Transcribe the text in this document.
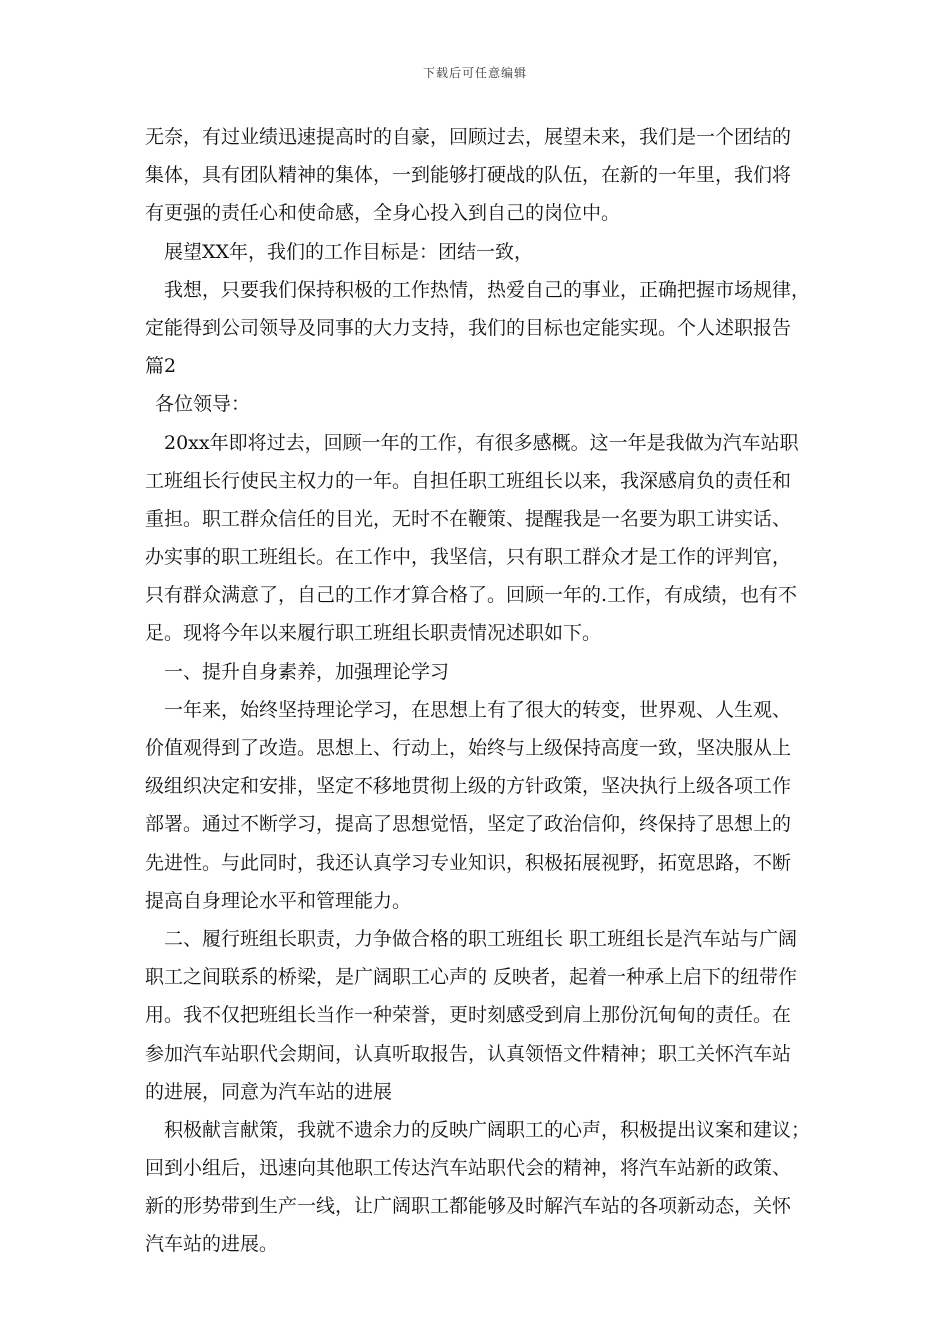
下载后可任意编辑
无奈，有过业绩迅速提高时的自豪，回顾过去，展望未来，我们是一个团结的
集体，具有团队精神的集体，一到能够打硬战的队伍，在新的一年里，我们将
有更强的责任心和使命感，全身心投入到自己的岗位中。
展望XX年，我们的工作目标是：团结一致，
我想，只要我们保持积极的工作热情，热爱自己的事业，正确把握市场规律，
定能得到公司领导及同事的大力支持，我们的目标也定能实现。个人述职报告
篇2
各位领导：
20xx年即将过去，回顾一年的工作，有很多感概。这一年是我做为汽车站职
工班组长行使民主权力的一年。自担任职工班组长以来，我深感肩负的责任和
重担。职工群众信任的目光，无时不在鞭策、提醒我是一名要为职工讲实话、
办实事的职工班组长。在工作中，我坚信，只有职工群众才是工作的评判官，
只有群众满意了，自己的工作才算合格了。回顾一年的.工作，有成绩，也有不
足。现将今年以来履行职工班组长职责情况述职如下。
一、提升自身素养，加强理论学习
一年来，始终坚持理论学习，在思想上有了很大的转变，世界观、人生观、
价值观得到了改造。思想上、行动上，始终与上级保持高度一致，坚决服从上
级组织决定和安排，坚定不移地贯彻上级的方针政策，坚决执行上级各项工作
部署。通过不断学习，提高了思想觉悟，坚定了政治信仰，终保持了思想上的
先进性。与此同时，我还认真学习专业知识，积极拓展视野，拓宽思路，不断
提高自身理论水平和管理能力。
二、履行班组长职责，力争做合格的职工班组长 职工班组长是汽车站与广阔
职工之间联系的桥梁，是广阔职工心声的 反映者，起着一种承上启下的纽带作
用。我不仅把班组长当作一种荣誉，更时刻感受到肩上那份沉甸甸的责任。在
参加汽车站职代会期间，认真听取报告，认真领悟文件精神；职工关怀汽车站
的进展，同意为汽车站的进展
积极献言献策，我就不遗余力的反映广阔职工的心声，积极提出议案和建议；
回到小组后，迅速向其他职工传达汽车站职代会的精神，将汽车站新的政策、
新的形势带到生产一线，让广阔职工都能够及时解汽车站的各项新动态，关怀
汽车站的进展。
